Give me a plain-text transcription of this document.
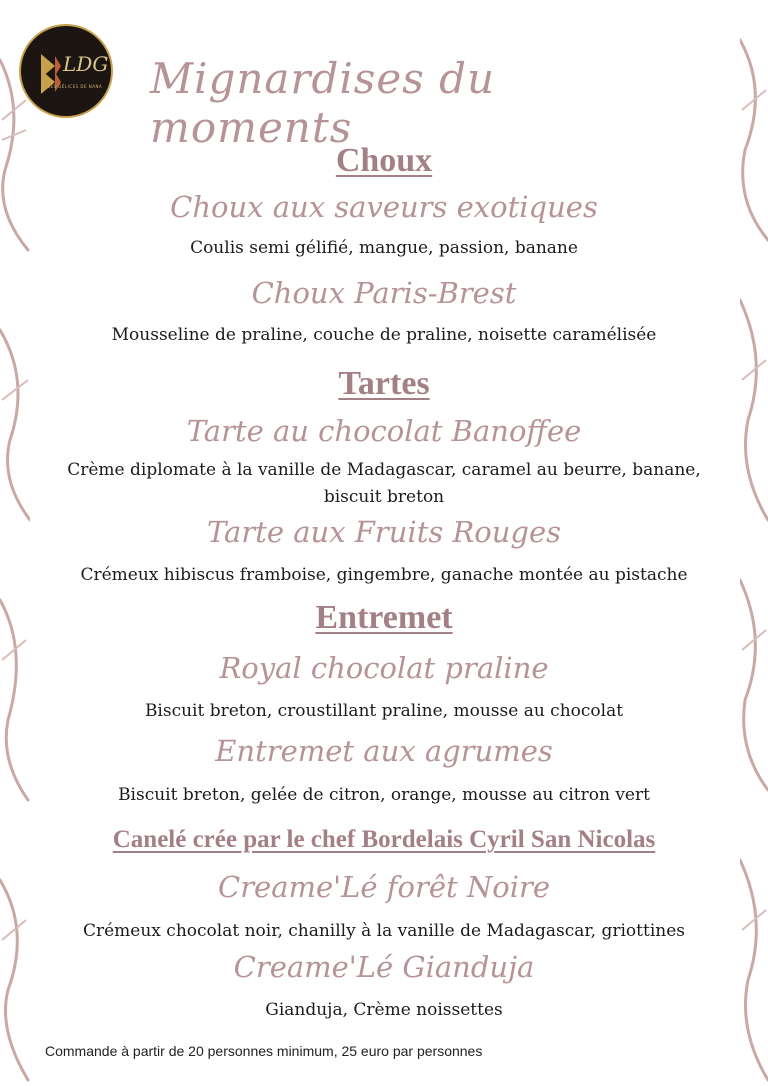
LDG
LES DÉLICES DE NANA Mignardises du moments
Choux
Choux aux saveurs exotiques
Coulis semi gélifié, mangue, passion, banane
Choux Paris-Brest
Mousseline de praline, couche de praline, noisette caramélisée
Tartes
Tarte au chocolat Banoffee
Crème diplomate à la vanille de Madagascar, caramel au beurre, banane,
biscuit breton
Tarte aux Fruits Rouges
Crémeux hibiscus framboise, gingembre, ganache montée au pistache
Entremet
Royal chocolat praline
Biscuit breton, croustillant praline, mousse au chocolat
Entremet aux agrumes
Biscuit breton, gelée de citron, orange, mousse au citron vert
Canelé crée par le chef Bordelais Cyril San Nicolas
Creame'Lé forêt Noire
Crémeux chocolat noir, chanilly à la vanille de Madagascar, griottines
Creame'Lé Gianduja
Gianduja, Crème noissettes
Commande à partir de 20 personnes minimum, 25 euro par personnes
